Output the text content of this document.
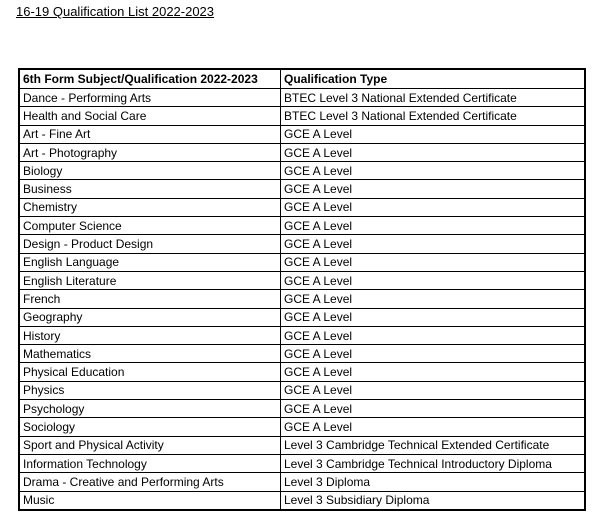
16-19 Qualification List 2022-2023
6th Form Subject/Qualification 2022-2023	Qualification Type
Dance - Performing Arts	BTEC Level 3 National Extended Certificate
Health and Social Care	BTEC Level 3 National Extended Certificate
Art - Fine Art	GCE A Level
Art - Photography	GCE A Level
Biology	GCE A Level
Business	GCE A Level
Chemistry	GCE A Level
Computer Science	GCE A Level
Design - Product Design	GCE A Level
English Language	GCE A Level
English Literature	GCE A Level
French	GCE A Level
Geography	GCE A Level
History	GCE A Level
Mathematics	GCE A Level
Physical Education	GCE A Level
Physics	GCE A Level
Psychology	GCE A Level
Sociology	GCE A Level
Sport and Physical Activity	Level 3 Cambridge Technical Extended Certificate
Information Technology	Level 3 Cambridge Technical Introductory Diploma
Drama - Creative and Performing Arts	Level 3 Diploma
Music	Level 3 Subsidiary Diploma
